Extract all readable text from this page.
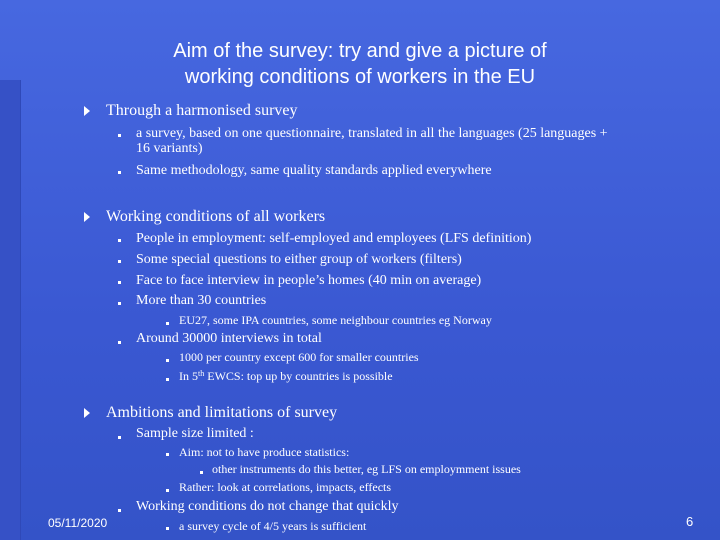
Aim of the survey: try and give a picture of
working conditions of workers in the EU
Through a harmonised survey
a survey, based on one questionnaire, translated in all the languages (25 languages +
16 variants)
Same methodology, same quality standards applied everywhere
Working conditions of all workers
People in employment: self-employed and employees (LFS definition)
Some special questions to either group of workers (filters)
Face to face interview in people’s homes (40 min on average)
More than 30 countries
EU27, some IPA countries, some neighbour countries eg Norway
Around 30000 interviews in total
1000 per country except 600 for smaller countries
In 5th EWCS: top up by countries is possible
Ambitions and limitations of survey
Sample size limited :
Aim: not to have produce statistics:
other instruments do this better, eg LFS on employmment issues
Rather: look at correlations, impacts, effects
Working conditions do not change that quickly
a survey cycle of 4/5 years is sufficient
05/11/2020	6
